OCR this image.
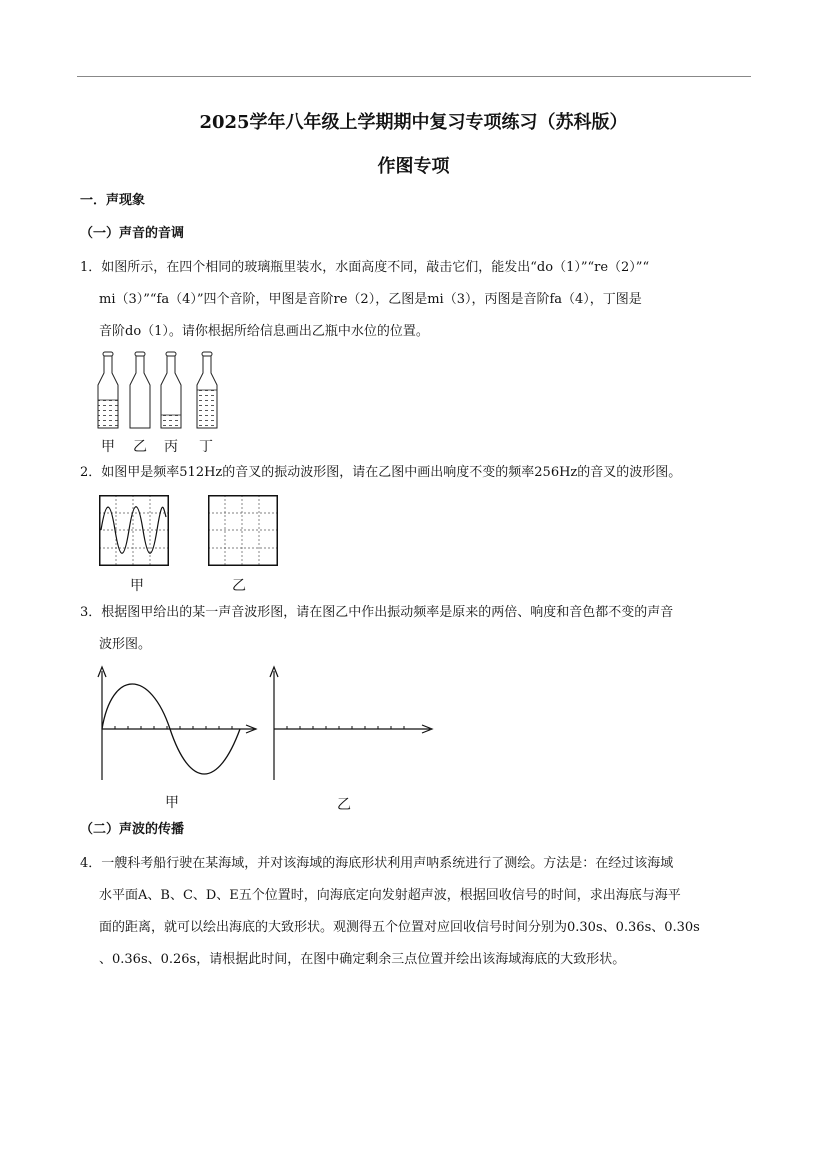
2025学年八年级上学期期中复习专项练习（苏科版）
作图专项

一．声现象

（一）声音的音调

1．如图所示，在四个相同的玻璃瓶里装水，水面高度不同，敲击它们，能发出“do（1）”“re（2）”“

mi（3）”“fa（4）”四个音阶，甲图是音阶re（2），乙图是mi（3），丙图是音阶fa（4），丁图是

音阶do（1）。请你根据所给信息画出乙瓶中水位的位置。

甲 乙 丙 丁

2．如图甲是频率512Hz的音叉的振动波形图，请在乙图中画出响度不变的频率256Hz的音叉的波形图。

甲	乙

3．根据图甲给出的某一声音波形图，请在图乙中作出振动频率是原来的两倍、响度和音色都不变的声音

波形图。

甲	乙

（二）声波的传播

4．一艘科考船行驶在某海域，并对该海域的海底形状利用声呐系统进行了测绘。方法是：在经过该海域

水平面A、B、C、D、E五个位置时，向海底定向发射超声波，根据回收信号的时间，求出海底与海平

面的距离，就可以绘出海底的大致形状。观测得五个位置对应回收信号时间分别为0.30s、0.36s、0.30s

、0.36s、0.26s，请根据此时间，在图中确定剩余三点位置并绘出该海域海底的大致形状。
